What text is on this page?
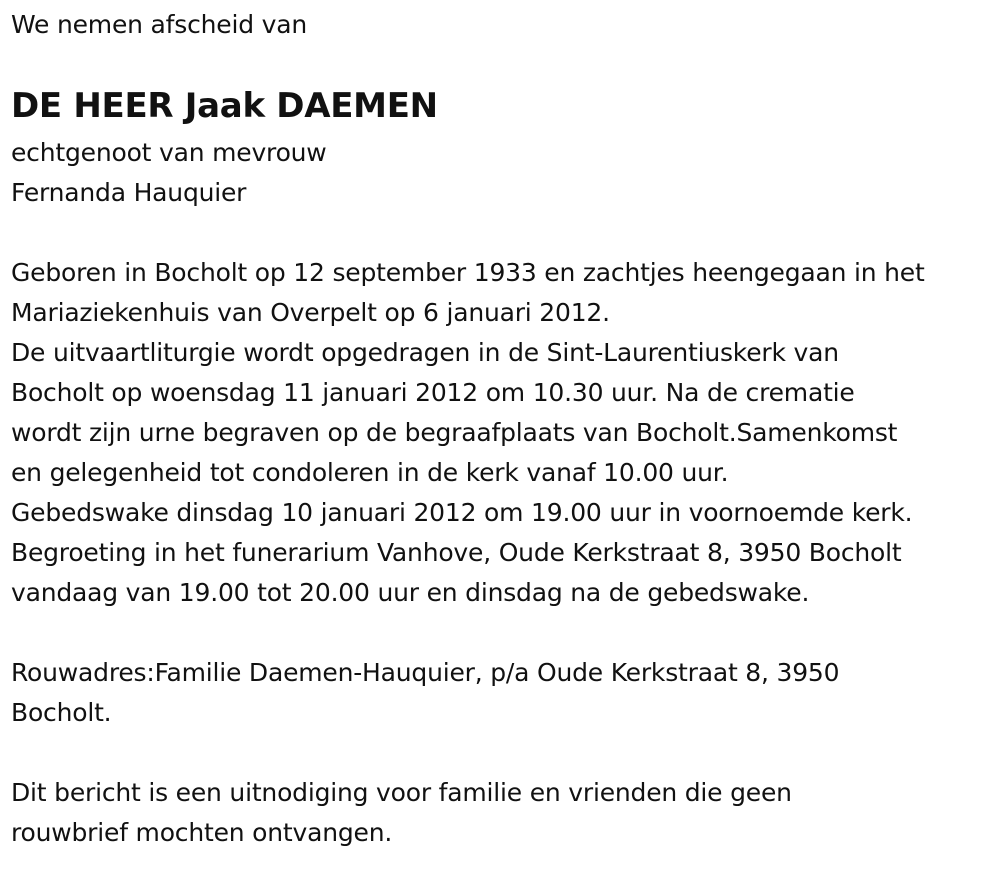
We nemen afscheid van

DE HEER Jaak DAEMEN

echtgenoot van mevrouw

Fernanda Hauquier

Geboren in Bocholt op 12 september 1933 en zachtjes heengegaan in het

Mariaziekenhuis van Overpelt op 6 januari 2012.

De uitvaartliturgie wordt opgedragen in de Sint-Laurentiuskerk van

Bocholt op woensdag 11 januari 2012 om 10.30 uur. Na de crematie

wordt zijn urne begraven op de begraafplaats van Bocholt.Samenkomst

en gelegenheid tot condoleren in de kerk vanaf 10.00 uur.

Gebedswake dinsdag 10 januari 2012 om 19.00 uur in voornoemde kerk.

Begroeting in het funerarium Vanhove, Oude Kerkstraat 8, 3950 Bocholt

vandaag van 19.00 tot 20.00 uur en dinsdag na de gebedswake.

Rouwadres:Familie Daemen-Hauquier, p/a Oude Kerkstraat 8, 3950

Bocholt.

Dit bericht is een uitnodiging voor familie en vrienden die geen

rouwbrief mochten ontvangen.
